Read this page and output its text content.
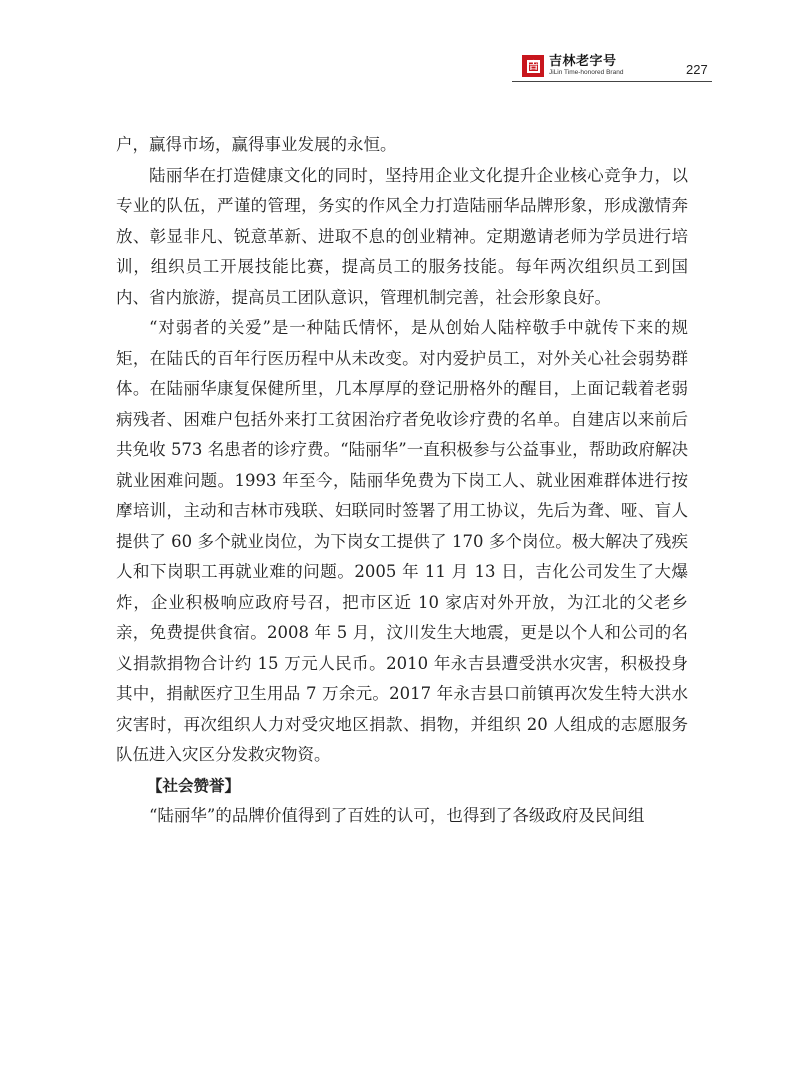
吉 吉林老字号
JiLin Time-honored Brand	227

户，赢得市场，赢得事业发展的永恒。

陆丽华在打造健康文化的同时，坚持用企业文化提升企业核心竞争力，以专业的队伍，严谨的管理，务实的作风全力打造陆丽华品牌形象，形成激情奔放、彰显非凡、锐意革新、进取不息的创业精神。定期邀请老师为学员进行培训，组织员工开展技能比赛，提高员工的服务技能。每年两次组织员工到国内、省内旅游，提高员工团队意识，管理机制完善，社会形象良好。

“对弱者的关爱”是一种陆氏情怀，是从创始人陆梓敬手中就传下来的规矩，在陆氏的百年行医历程中从未改变。对内爱护员工，对外关心社会弱势群体。在陆丽华康复保健所里，几本厚厚的登记册格外的醒目，上面记载着老弱病残者、困难户包括外来打工贫困治疗者免收诊疗费的名单。自建店以来前后共免收 573 名患者的诊疗费。“陆丽华”一直积极参与公益事业，帮助政府解决就业困难问题。1993 年至今，陆丽华免费为下岗工人、就业困难群体进行按摩培训，主动和吉林市残联、妇联同时签署了用工协议，先后为聋、哑、盲人提供了 60 多个就业岗位，为下岗女工提供了 170 多个岗位。极大解决了残疾人和下岗职工再就业难的问题。2005 年 11 月 13 日，吉化公司发生了大爆炸，企业积极响应政府号召，把市区近 10 家店对外开放，为江北的父老乡亲，免费提供食宿。2008 年 5 月，汶川发生大地震，更是以个人和公司的名义捐款捐物合计约 15 万元人民币。2010 年永吉县遭受洪水灾害，积极投身其中，捐献医疗卫生用品 7 万余元。2017 年永吉县口前镇再次发生特大洪水灾害时，再次组织人力对受灾地区捐款、捐物，并组织 20 人组成的志愿服务队伍进入灾区分发救灾物资。

【社会赞誉】

“陆丽华”的品牌价值得到了百姓的认可，也得到了各级政府及民间组
